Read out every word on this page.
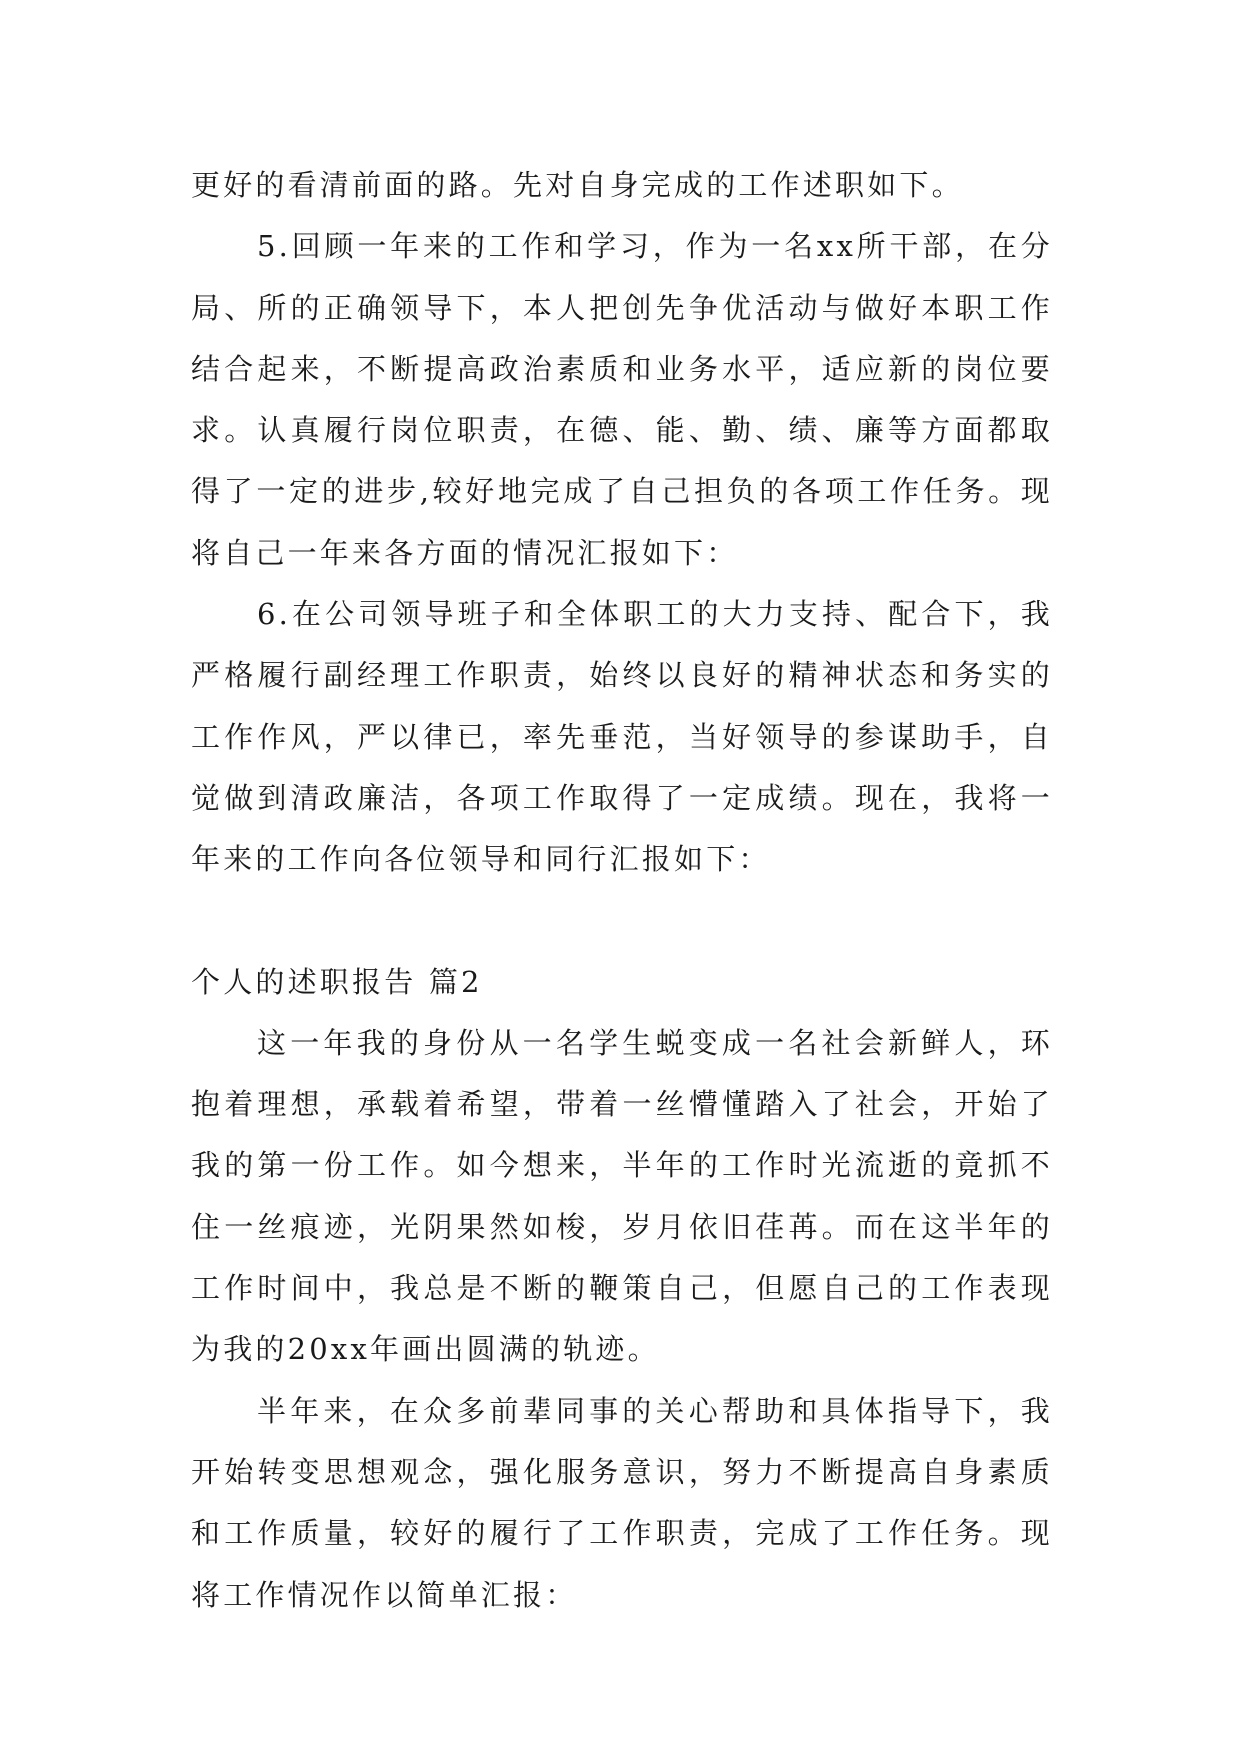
更好的看清前面的路。先对自身完成的工作述职如下。

5.回顾一年来的工作和学习，作为一名xx所干部，在分局、所的正确领导下，本人把创先争优活动与做好本职工作结合起来，不断提高政治素质和业务水平，适应新的岗位要求。认真履行岗位职责，在德、能、勤、绩、廉等方面都取得了一定的进步,较好地完成了自己担负的各项工作任务。现将自己一年来各方面的情况汇报如下：

6.在公司领导班子和全体职工的大力支持、配合下，我严格履行副经理工作职责，始终以良好的精神状态和务实的工作作风，严以律已，率先垂范，当好领导的参谋助手，自觉做到清政廉洁，各项工作取得了一定成绩。现在，我将一年来的工作向各位领导和同行汇报如下：

个人的述职报告 篇2

这一年我的身份从一名学生蜕变成一名社会新鲜人，环抱着理想，承载着希望，带着一丝懵懂踏入了社会，开始了我的第一份工作。如今想来，半年的工作时光流逝的竟抓不住一丝痕迹，光阴果然如梭，岁月依旧荏苒。而在这半年的工作时间中，我总是不断的鞭策自己，但愿自己的工作表现为我的20xx年画出圆满的轨迹。

半年来，在众多前辈同事的关心帮助和具体指导下，我开始转变思想观念，强化服务意识，努力不断提高自身素质和工作质量，较好的履行了工作职责，完成了工作任务。现将工作情况作以简单汇报：
